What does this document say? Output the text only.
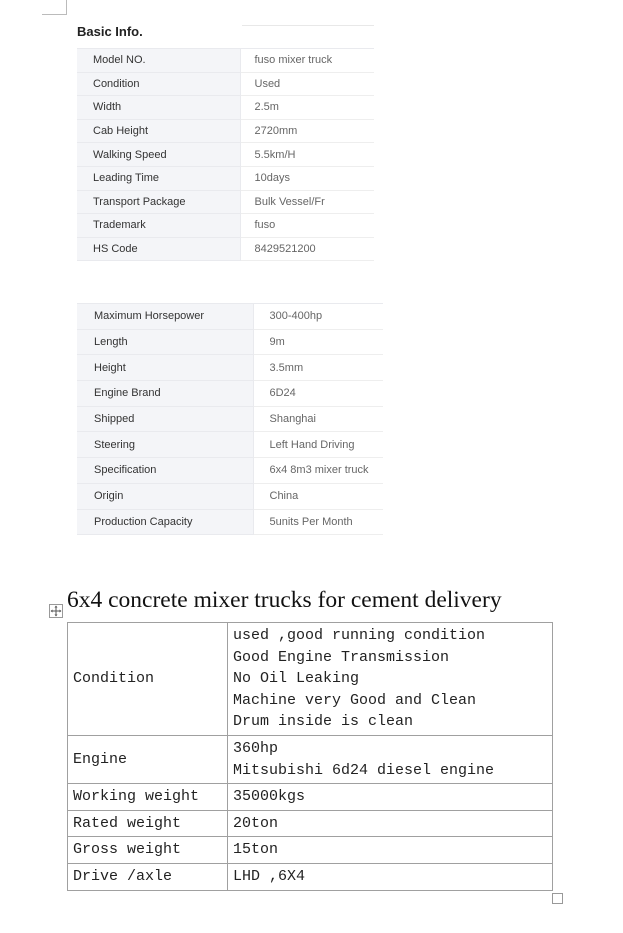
Basic Info.
Model NO.	fuso mixer truck
Condition	Used
Width	2.5m
Cab Height	2720mm
Walking Speed	5.5km/H
Leading Time	10days
Transport Package	Bulk Vessel/Fr
Trademark	fuso
HS Code	8429521200
Maximum Horsepower	300-400hp
Length	9m
Height	3.5mm
Engine Brand	6D24
Shipped	Shanghai
Steering	Left Hand Driving
Specification	6x4 8m3 mixer truck
Origin	China
Production Capacity	5units Per Month
6x4 concrete mixer trucks for cement delivery
Condition	used ,good running condition
Good Engine Transmission
No Oil Leaking
Machine very Good and Clean
Drum inside is clean

Engine	360hp
Mitsubishi 6d24 diesel engine

Working weight	35000kgs

Rated weight	20ton

Gross weight	15ton

Drive /axle	LHD ,6X4
